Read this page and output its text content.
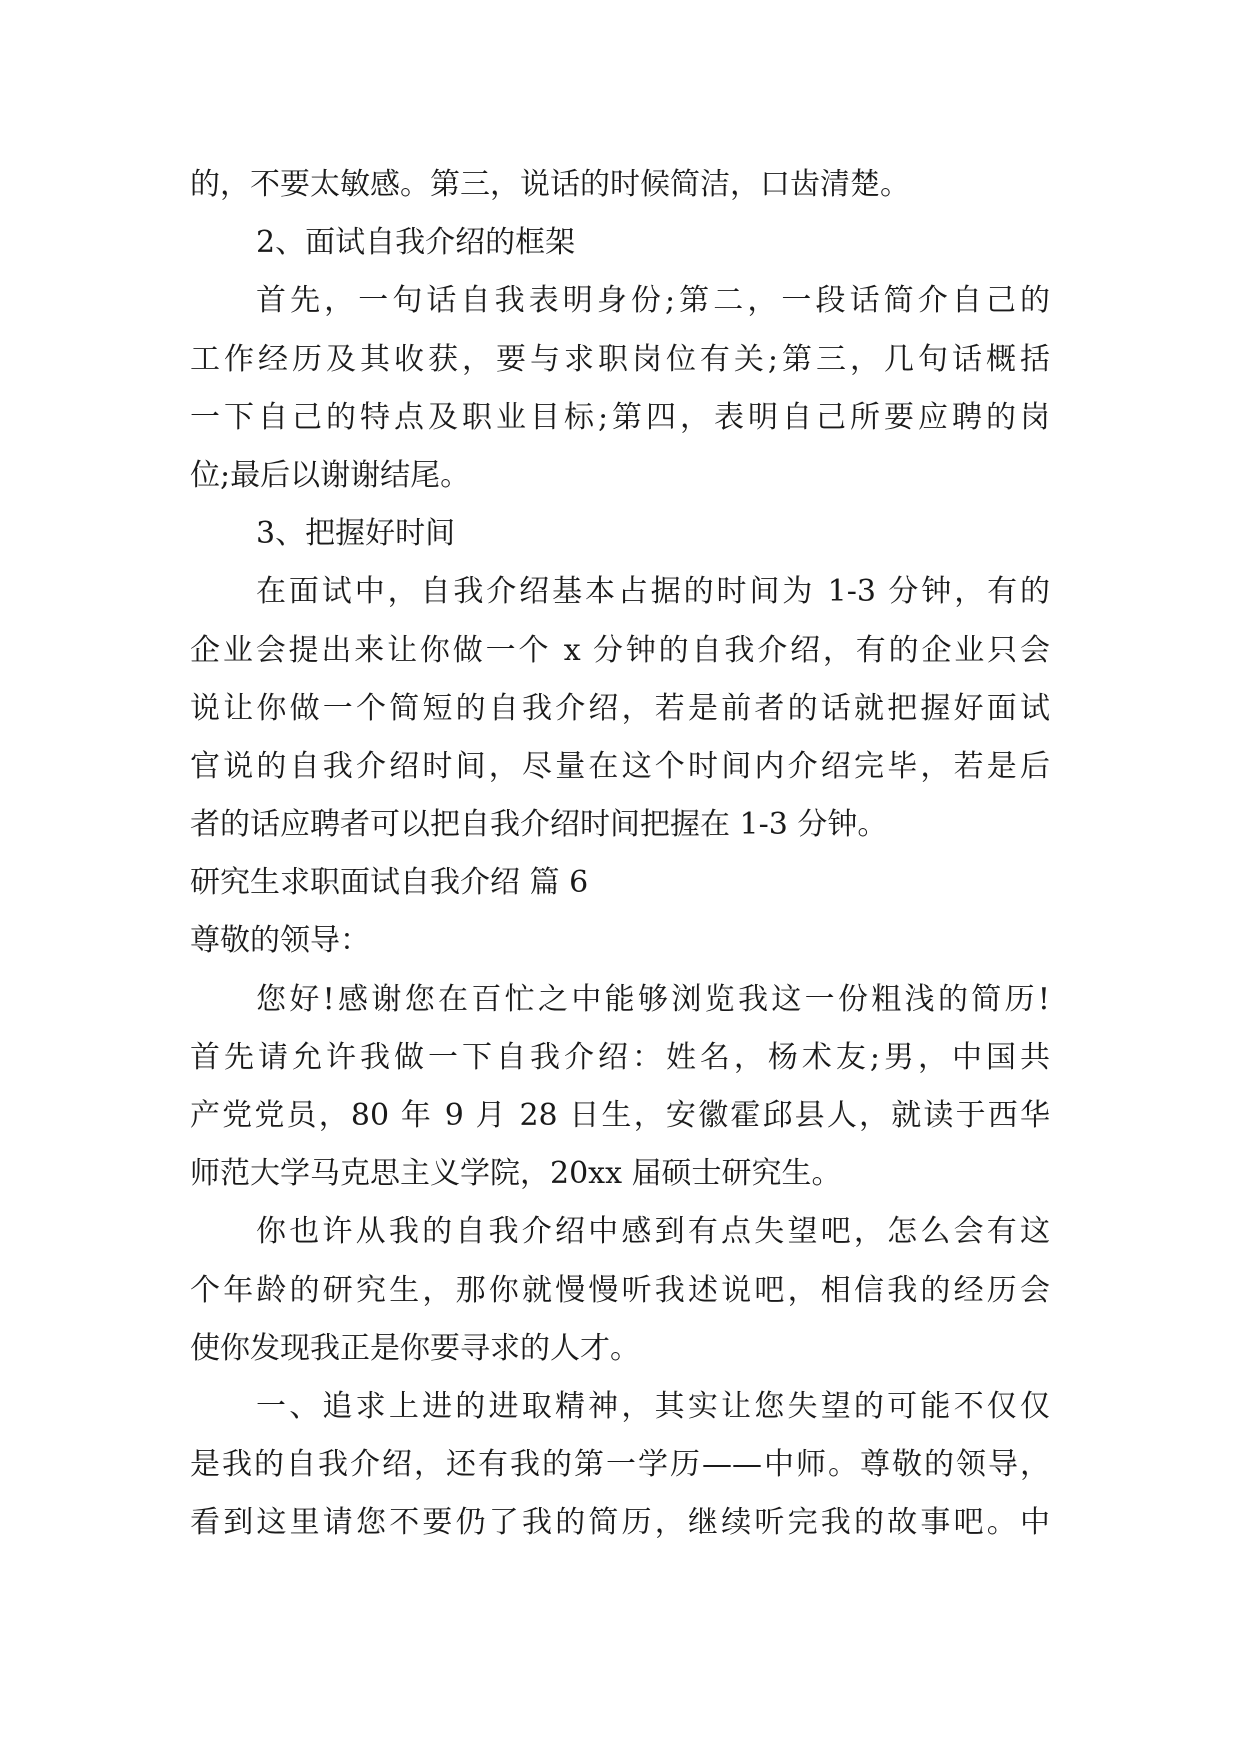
的，不要太敏感。第三，说话的时候简洁，口齿清楚。
2、面试自我介绍的框架
首先，一句话自我表明身份;第二，一段话简介自己的
工作经历及其收获，要与求职岗位有关;第三，几句话概括
一下自己的特点及职业目标;第四，表明自己所要应聘的岗
位;最后以谢谢结尾。
3、把握好时间
在面试中，自我介绍基本占据的时间为 1-3 分钟，有的
企业会提出来让你做一个 x 分钟的自我介绍，有的企业只会
说让你做一个简短的自我介绍，若是前者的话就把握好面试
官说的自我介绍时间，尽量在这个时间内介绍完毕，若是后
者的话应聘者可以把自我介绍时间把握在 1-3 分钟。
研究生求职面试自我介绍 篇 6
尊敬的领导：
您好!感谢您在百忙之中能够浏览我这一份粗浅的简历!
首先请允许我做一下自我介绍：姓名，杨术友;男，中国共
产党党员，80 年 9 月 28 日生，安徽霍邱县人，就读于西华
师范大学马克思主义学院，20xx 届硕士研究生。
你也许从我的自我介绍中感到有点失望吧，怎么会有这
个年龄的研究生，那你就慢慢听我述说吧，相信我的经历会
使你发现我正是你要寻求的人才。
一、追求上进的进取精神，其实让您失望的可能不仅仅
是我的自我介绍，还有我的第一学历——中师。尊敬的领导，
看到这里请您不要仍了我的简历，继续听完我的故事吧。中
